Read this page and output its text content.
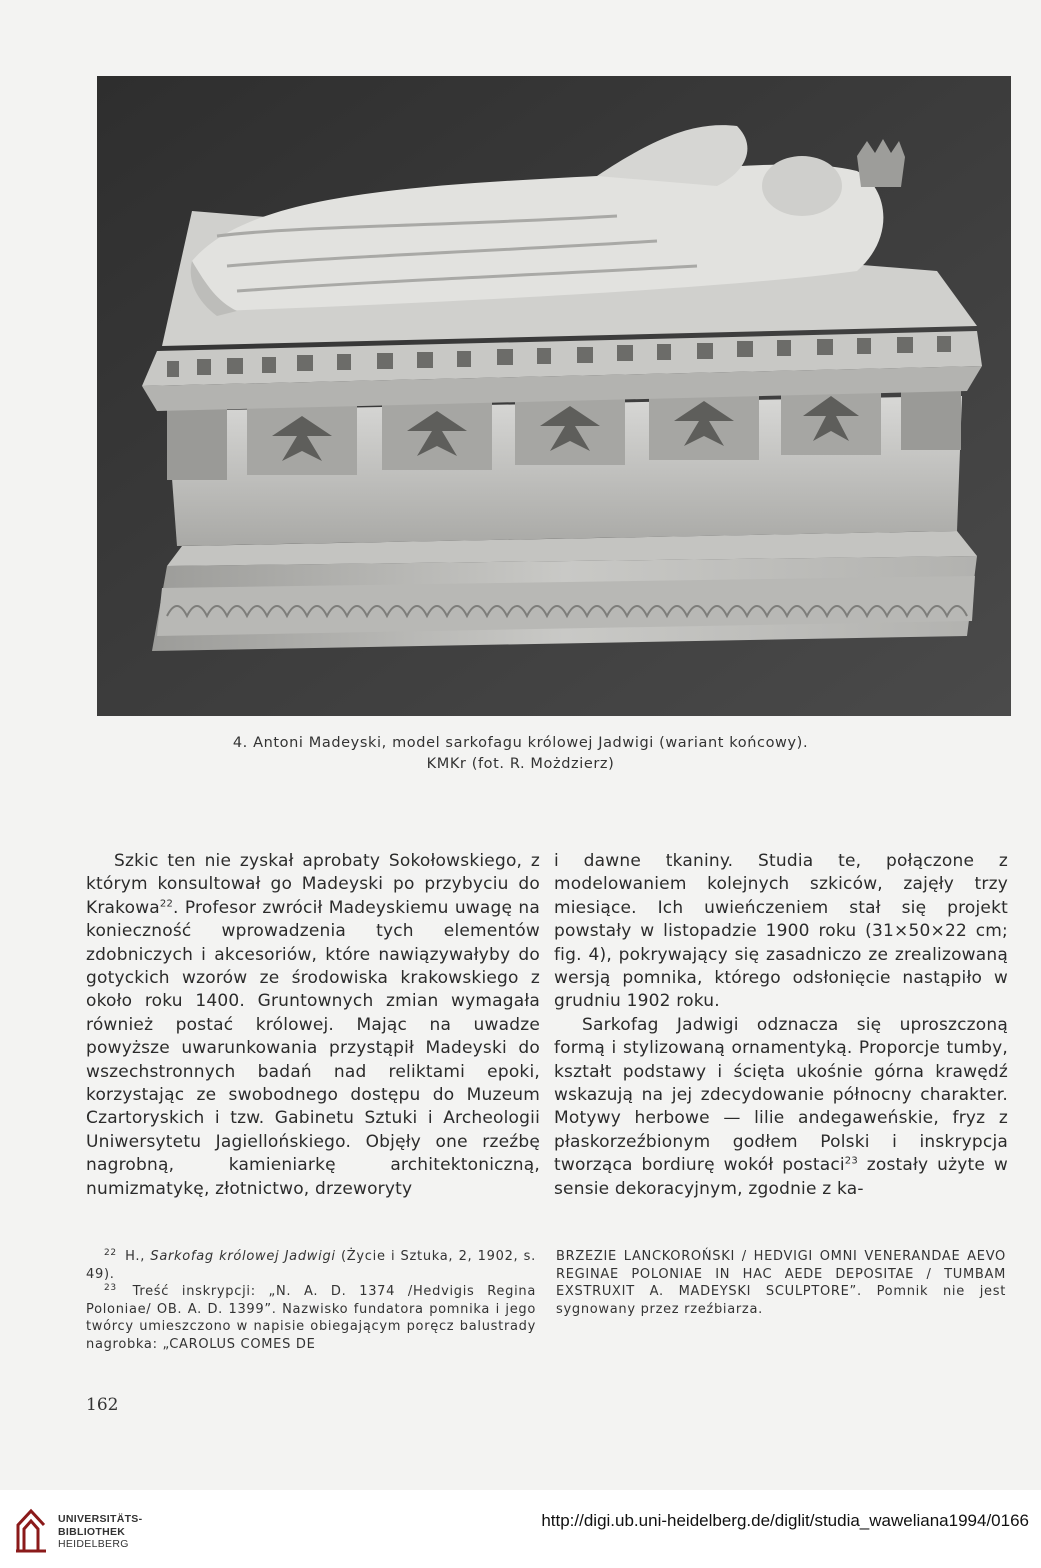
4. Antoni Madeyski, model sarkofagu królowej Jadwigi (wariant końcowy).
KMKr (fot. R. Możdzierz)

Szkic ten nie zyskał aprobaty Sokołowskiego, z którym konsultował go Madeyski po przybyciu do Krakowa$^{22}$. Profesor zwrócił Madeyskiemu uwagę na konieczność wprowadzenia tych elementów zdobniczych i akcesoriów, które nawiązywałyby do gotyckich wzorów ze środowiska krakowskiego z około roku 1400. Gruntownych zmian wymagała również postać królowej. Mając na uwadze powyższe uwarunkowania przystąpił Madeyski do wszechstronnych badań nad reliktami epoki, korzystając ze swobodnego dostępu do Muzeum Czartoryskich i tzw. Gabinetu Sztuki i Archeologii Uniwersytetu Jagiellońskiego. Objęły one rzeźbę nagrobną, kamieniarkę architektoniczną, numizmatykę, złotnictwo, drzeworyty

i dawne tkaniny. Studia te, połączone z modelowaniem kolejnych szkiców, zajęły trzy miesiące. Ich uwieńczeniem stał się projekt powstały w listopadzie 1900 roku (31×50×22 cm; fig. 4), pokrywający się zasadniczo ze zrealizowaną wersją pomnika, którego odsłonięcie nastąpiło w grudniu 1902 roku.

Sarkofag Jadwigi odznacza się uproszczoną formą i stylizowaną ornamentyką. Proporcje tumby, kształt podstawy i ścięta ukośnie górna krawędź wskazują na jej zdecydowanie północny charakter. Motywy herbowe — lilie andegaweńskie, fryz z płaskorzeźbionym godłem Polski i inskrypcja tworząca bordiurę wokół postaci$^{23}$ zostały użyte w sensie dekoracyjnym, zgodnie z ka-

$^{22}$ H., Sarkofag królowej Jadwigi (Życie i Sztuka, 2, 1902, s. 49).

$^{23}$ Treść inskrypcji: „N. A. D. 1374 /Hedvigis Regina Poloniae/ OB. A. D. 1399”. Nazwisko fundatora pomnika i jego twórcy umieszczono w napisie obiegającym poręcz balustrady nagrobka: „CAROLUS COMES DE

BRZEZIE LANCKOROŃSKI / HEDVIGI OMNI VENERANDAE AEVO REGINAE POLONIAE IN HAC AEDE DEPOSITAE / TUMBAM EXSTRUXIT A. MADEYSKI SCULPTORE”. Pomnik nie jest sygnowany przez rzeźbiarza.

162
UNIVERSITÄTS-
BIBLIOTHEK
HEIDELBERG
http://digi.ub.uni-heidelberg.de/diglit/studia_waweliana1994/0166
